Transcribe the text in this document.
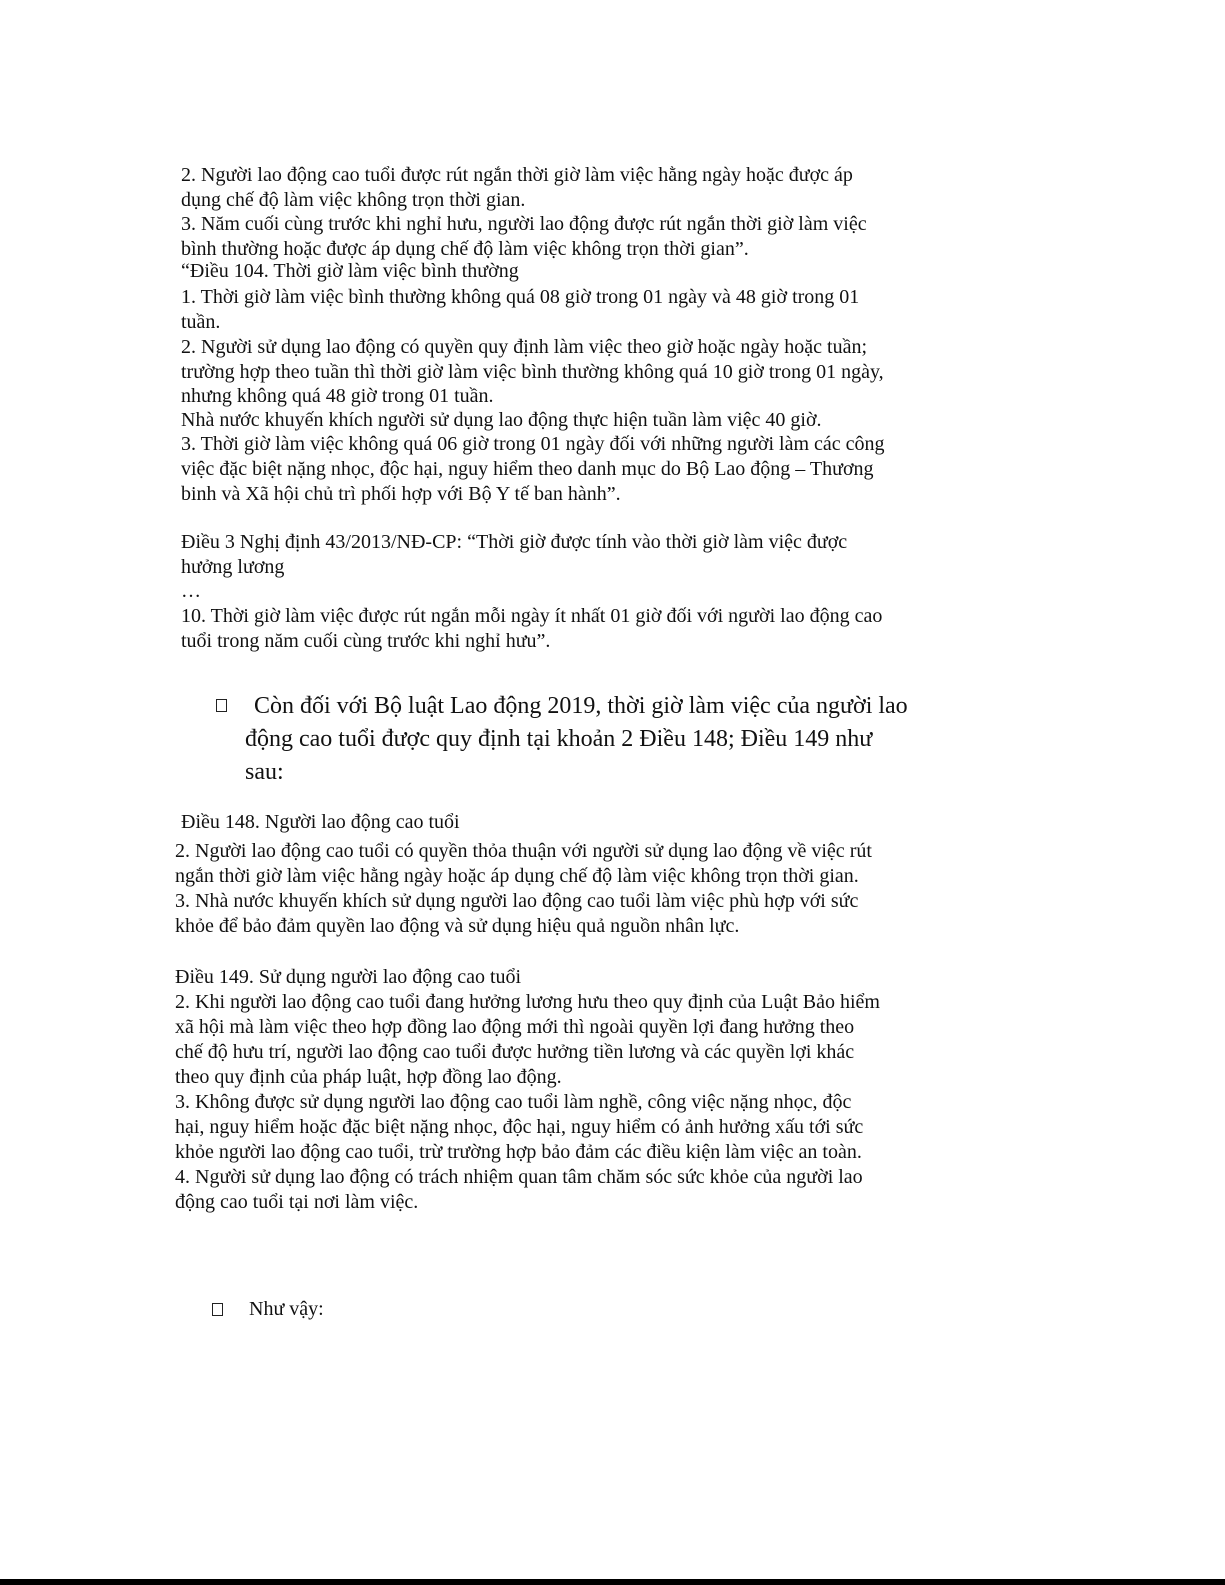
2. Người lao động cao tuổi được rút ngắn thời giờ làm việc hằng ngày hoặc được áp
dụng chế độ làm việc không trọn thời gian.
3. Năm cuối cùng trước khi nghỉ hưu, người lao động được rút ngắn thời giờ làm việc
bình thường hoặc được áp dụng chế độ làm việc không trọn thời gian”.
“Điều 104. Thời giờ làm việc bình thường
1. Thời giờ làm việc bình thường không quá 08 giờ trong 01 ngày và 48 giờ trong 01
tuần.
2. Người sử dụng lao động có quyền quy định làm việc theo giờ hoặc ngày hoặc tuần;
trường hợp theo tuần thì thời giờ làm việc bình thường không quá 10 giờ trong 01 ngày,
nhưng không quá 48 giờ trong 01 tuần.
Nhà nước khuyến khích người sử dụng lao động thực hiện tuần làm việc 40 giờ.
3. Thời giờ làm việc không quá 06 giờ trong 01 ngày đối với những người làm các công
việc đặc biệt nặng nhọc, độc hại, nguy hiểm theo danh mục do Bộ Lao động – Thương
binh và Xã hội chủ trì phối hợp với Bộ Y tế ban hành”.
Điều 3 Nghị định 43/2013/NĐ-CP: “Thời giờ được tính vào thời giờ làm việc được
hưởng lương
…
10. Thời giờ làm việc được rút ngắn mỗi ngày ít nhất 01 giờ đối với người lao động cao
tuổi trong năm cuối cùng trước khi nghỉ hưu”.
Còn đối với Bộ luật Lao động 2019, thời giờ làm việc của người lao
động cao tuổi được quy định tại khoản 2 Điều 148; Điều 149 như
sau:
Điều 148. Người lao động cao tuổi
2. Người lao động cao tuổi có quyền thỏa thuận với người sử dụng lao động về việc rút
ngắn thời giờ làm việc hằng ngày hoặc áp dụng chế độ làm việc không trọn thời gian.
3. Nhà nước khuyến khích sử dụng người lao động cao tuổi làm việc phù hợp với sức
khỏe để bảo đảm quyền lao động và sử dụng hiệu quả nguồn nhân lực.
Điều 149. Sử dụng người lao động cao tuổi
2. Khi người lao động cao tuổi đang hưởng lương hưu theo quy định của Luật Bảo hiểm
xã hội mà làm việc theo hợp đồng lao động mới thì ngoài quyền lợi đang hưởng theo
chế độ hưu trí, người lao động cao tuổi được hưởng tiền lương và các quyền lợi khác
theo quy định của pháp luật, hợp đồng lao động.
3. Không được sử dụng người lao động cao tuổi làm nghề, công việc nặng nhọc, độc
hại, nguy hiểm hoặc đặc biệt nặng nhọc, độc hại, nguy hiểm có ảnh hưởng xấu tới sức
khỏe người lao động cao tuổi, trừ trường hợp bảo đảm các điều kiện làm việc an toàn.
4. Người sử dụng lao động có trách nhiệm quan tâm chăm sóc sức khỏe của người lao
động cao tuổi tại nơi làm việc.
Như vậy:
